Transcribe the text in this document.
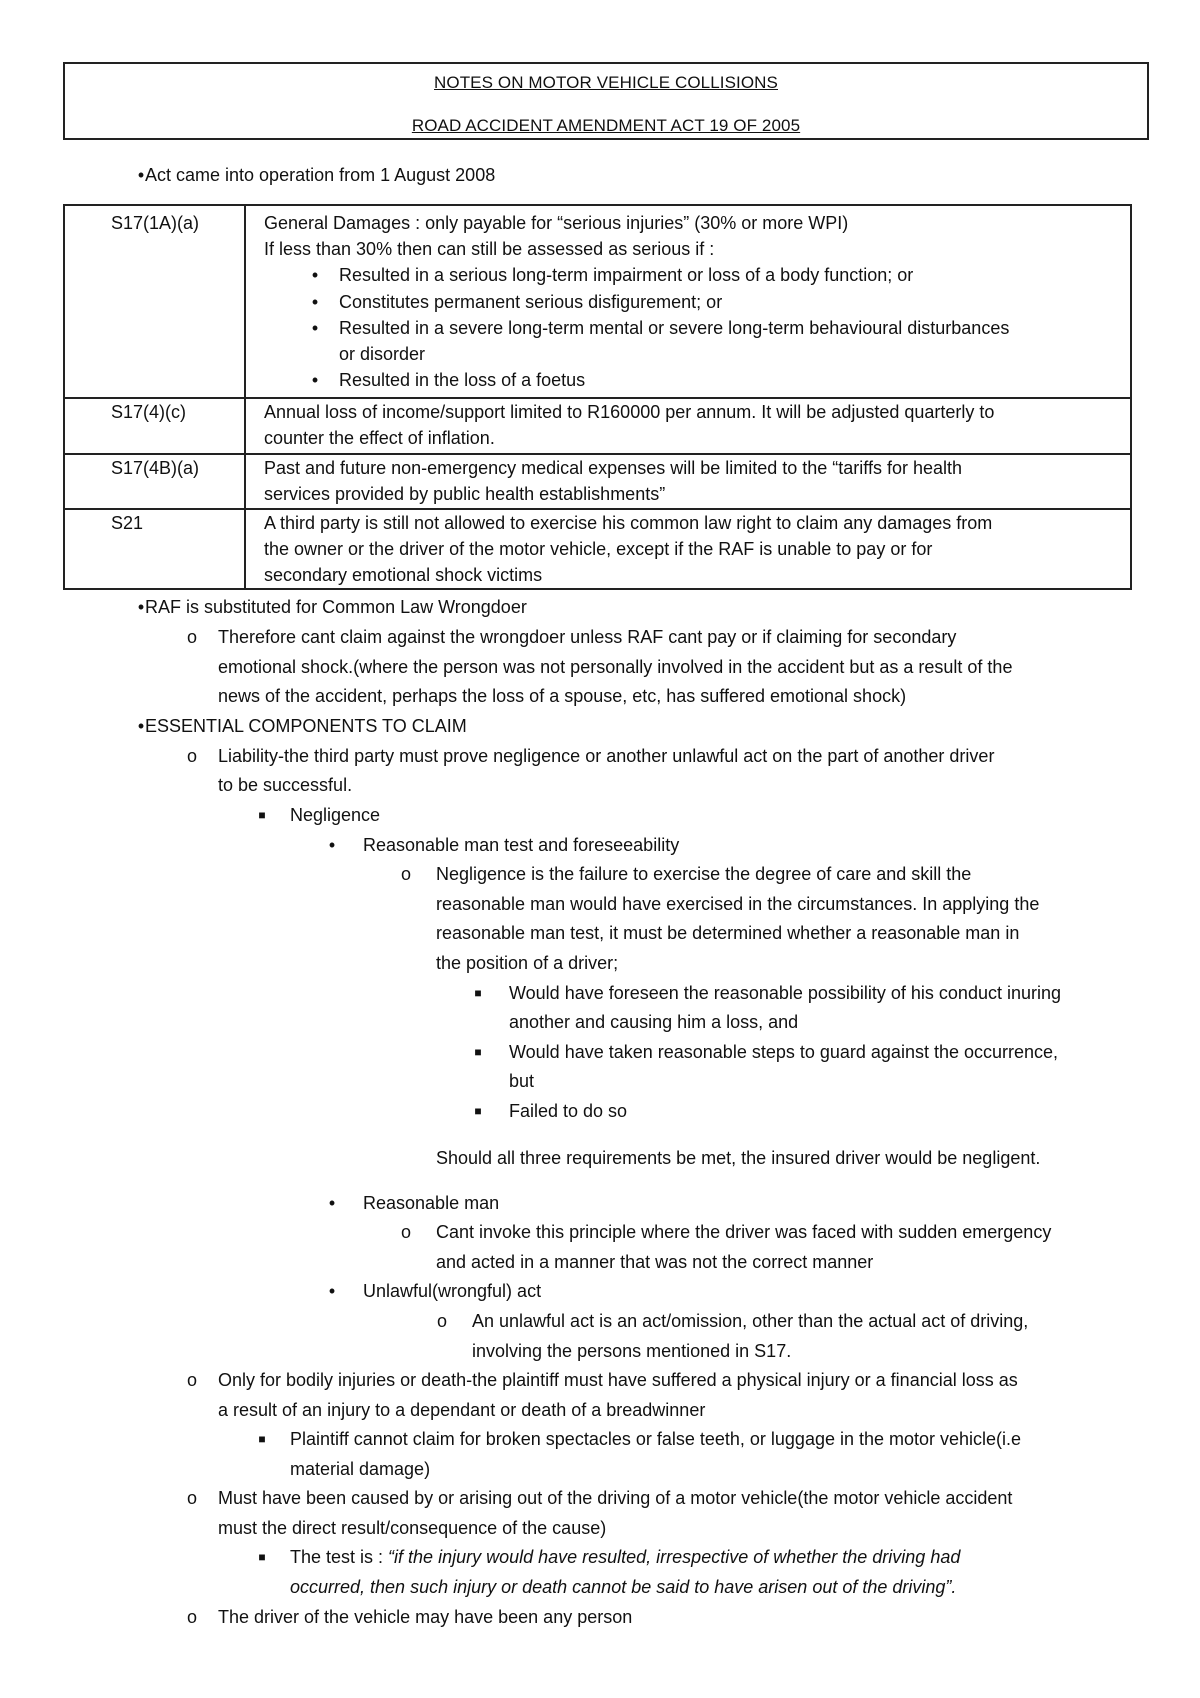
NOTES ON MOTOR VEHICLE COLLISIONS
ROAD ACCIDENT AMENDMENT ACT 19 OF 2005
• Act came into operation from 1 August 2008
S17(1A)(a)	General Damages : only payable for “serious injuries” (30% or more WPI)
If less than 30% then can still be assessed as serious if :
• Resulted in a serious long-term impairment or loss of a body function; or
• Constitutes permanent serious disfigurement; or
• Resulted in a severe long-term mental or severe long-term behavioural disturbances
or disorder
• Resulted in the loss of a foetus
S17(4)(c)	Annual loss of income/support limited to R160000 per annum. It will be adjusted quarterly to
counter the effect of inflation.
S17(4B)(a)	Past and future non-emergency medical expenses will be limited to the “tariffs for health
services provided by public health establishments”
S21	A third party is still not allowed to exercise his common law right to claim any damages from
the owner or the driver of the motor vehicle, except if the RAF is unable to pay or for
secondary emotional shock victims
• RAF is substituted for Common Law Wrongdoer
o Therefore cant claim against the wrongdoer unless RAF cant pay or if claiming for secondary
emotional shock.(where the person was not personally involved in the accident but as a result of the
news of the accident, perhaps the loss of a spouse, etc, has suffered emotional shock)
• ESSENTIAL COMPONENTS TO CLAIM
o Liability-the third party must prove negligence or another unlawful act on the part of another driver
to be successful.
■ Negligence
• Reasonable man test and foreseeability
o Negligence is the failure to exercise the degree of care and skill the
reasonable man would have exercised in the circumstances. In applying the
reasonable man test, it must be determined whether a reasonable man in
the position of a driver;
■ Would have foreseen the reasonable possibility of his conduct inuring
another and causing him a loss, and
■ Would have taken reasonable steps to guard against the occurrence,
but
■ Failed to do so
Should all three requirements be met, the insured driver would be negligent.
• Reasonable man
o Cant invoke this principle where the driver was faced with sudden emergency
and acted in a manner that was not the correct manner
• Unlawful(wrongful) act
o An unlawful act is an act/omission, other than the actual act of driving,
involving the persons mentioned in S17.
o Only for bodily injuries or death-the plaintiff must have suffered a physical injury or a financial loss as
a result of an injury to a dependant or death of a breadwinner
■ Plaintiff cannot claim for broken spectacles or false teeth, or luggage in the motor vehicle(i.e
material damage)
o Must have been caused by or arising out of the driving of a motor vehicle(the motor vehicle accident
must the direct result/consequence of the cause)
■ The test is : “if the injury would have resulted, irrespective of whether the driving had
occurred, then such injury or death cannot be said to have arisen out of the driving”.
o The driver of the vehicle may have been any person
